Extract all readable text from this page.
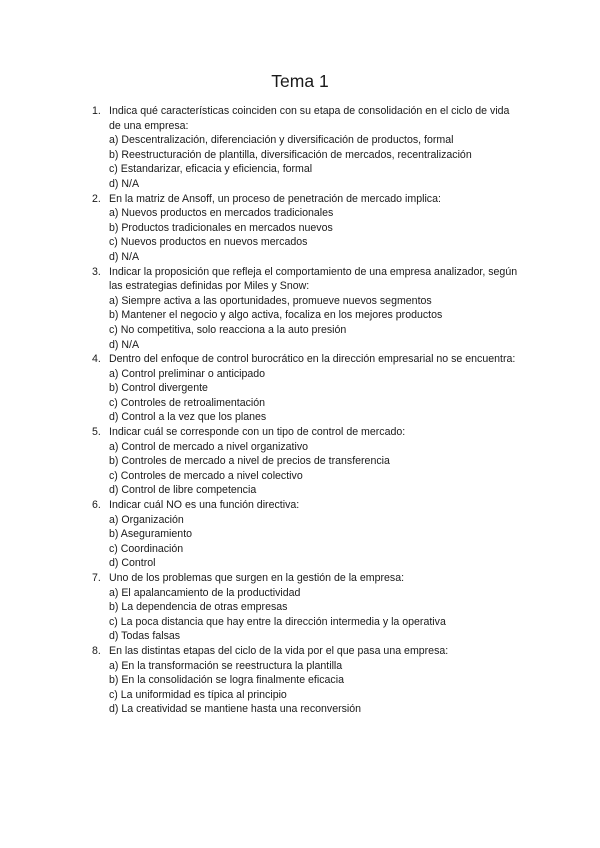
Tema 1
1. Indica qué características coinciden con su etapa de consolidación en el ciclo de vida de una empresa:
a) Descentralización, diferenciación y diversificación de productos, formal
b) Reestructuración de plantilla, diversificación de mercados, recentralización
c) Estandarizar, eficacia y eficiencia, formal
d) N/A
2. En la matriz de Ansoff, un proceso de penetración de mercado implica:
a) Nuevos productos en mercados tradicionales
b) Productos tradicionales en mercados nuevos
c) Nuevos productos en nuevos mercados
d) N/A
3. Indicar la proposición que refleja el comportamiento de una empresa analizador, según las estrategias definidas por Miles y Snow:
a) Siempre activa a las oportunidades, promueve nuevos segmentos
b) Mantener el negocio y algo activa, focaliza en los mejores productos
c) No competitiva, solo reacciona a la auto presión
d) N/A
4. Dentro del enfoque de control burocrático en la dirección empresarial no se encuentra:
a) Control preliminar o anticipado
b) Control divergente
c) Controles de retroalimentación
d) Control a la vez que los planes
5. Indicar cuál se corresponde con un tipo de control de mercado:
a) Control de mercado a nivel organizativo
b) Controles de mercado a nivel de precios de transferencia
c) Controles de mercado a nivel colectivo
d) Control de libre competencia
6. Indicar cuál NO es una función directiva:
a) Organización
b) Aseguramiento
c) Coordinación
d) Control
7. Uno de los problemas que surgen en la gestión de la empresa:
a) El apalancamiento de la productividad
b) La dependencia de otras empresas
c) La poca distancia que hay entre la dirección intermedia y la operativa
d) Todas falsas
8. En las distintas etapas del ciclo de la vida por el que pasa una empresa:
a) En la transformación se reestructura la plantilla
b) En la consolidación se logra finalmente eficacia
c) La uniformidad es típica al principio
d) La creatividad se mantiene hasta una reconversión
